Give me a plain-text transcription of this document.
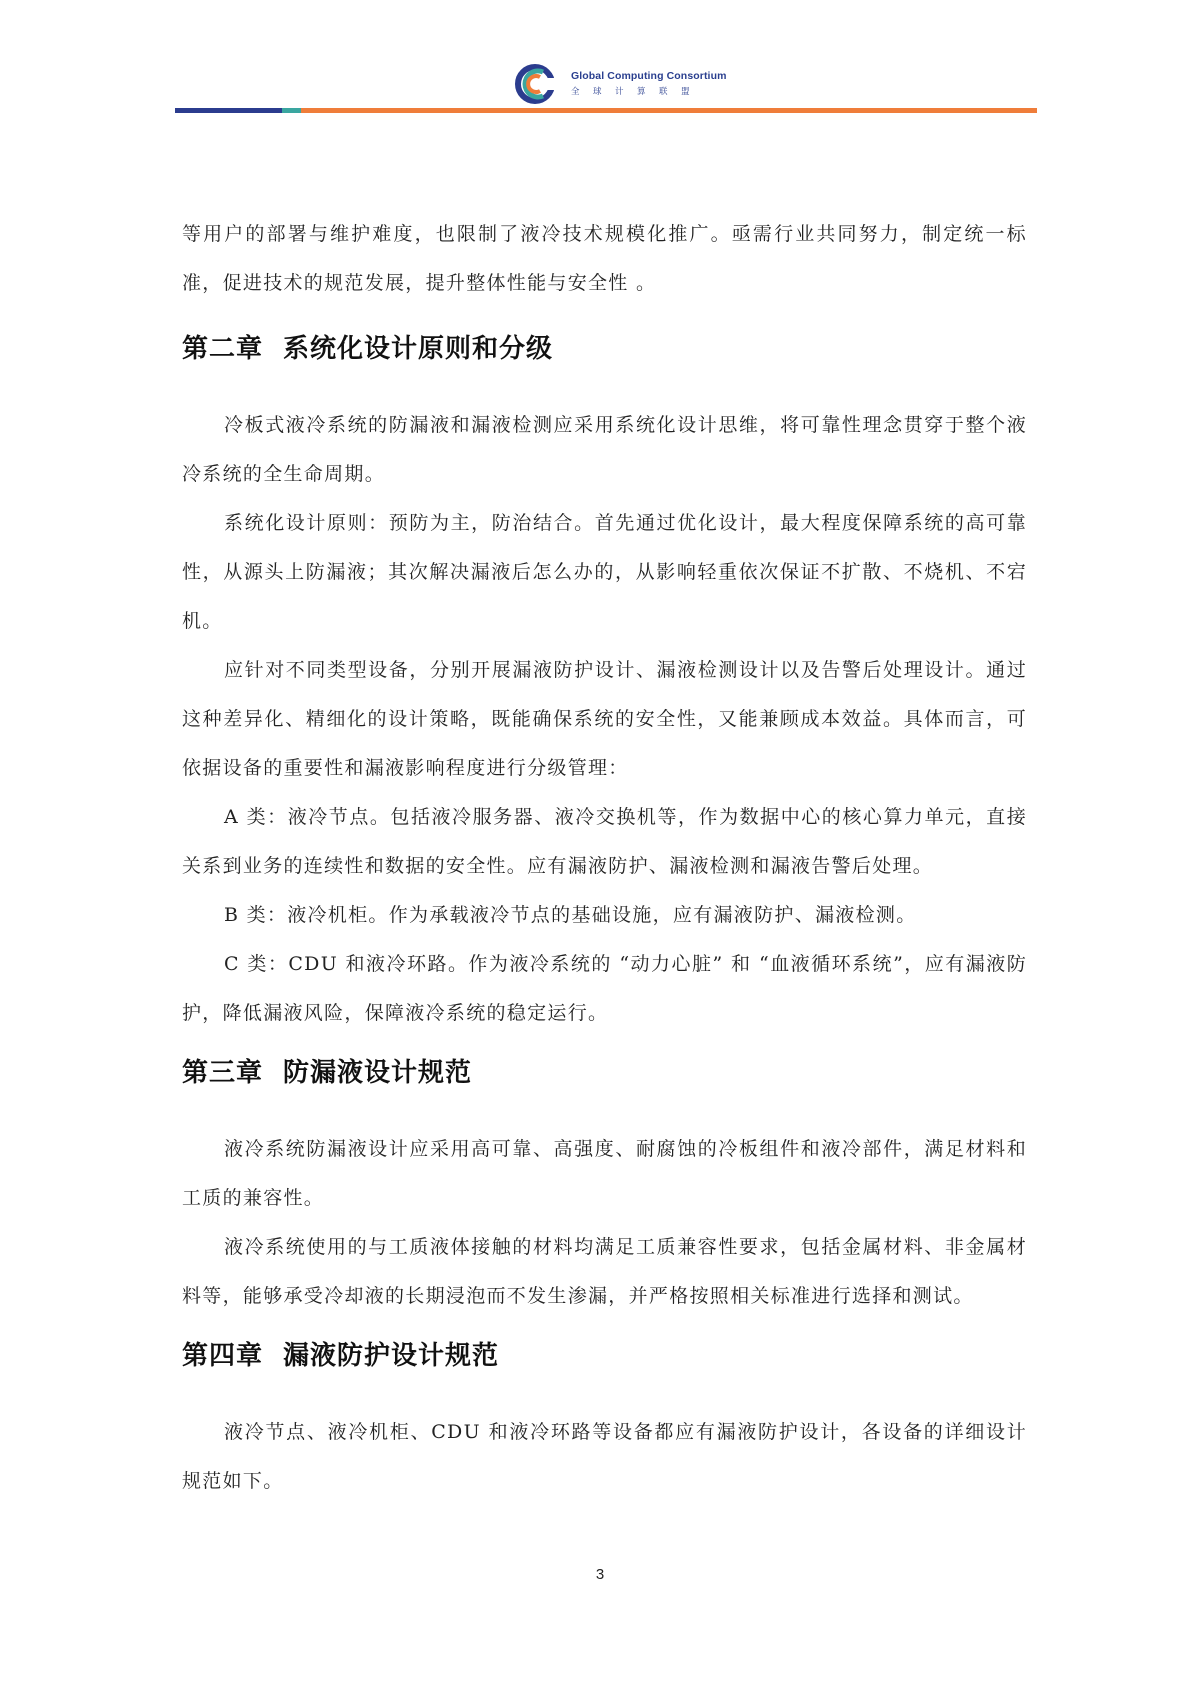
Global Computing Consortium
全球计算联盟

等用户的部署与维护难度，也限制了液冷技术规模化推广。亟需行业共同努力，制定统一标准，促进技术的规范发展，提升整体性能与安全性 。

第二章 系统化设计原则和分级

冷板式液冷系统的防漏液和漏液检测应采用系统化设计思维，将可靠性理念贯穿于整个液冷系统的全生命周期。

系统化设计原则：预防为主，防治结合。首先通过优化设计，最大程度保障系统的高可靠性，从源头上防漏液；其次解决漏液后怎么办的，从影响轻重依次保证不扩散、不烧机、不宕机。

应针对不同类型设备，分别开展漏液防护设计、漏液检测设计以及告警后处理设计。通过这种差异化、精细化的设计策略，既能确保系统的安全性，又能兼顾成本效益。具体而言，可依据设备的重要性和漏液影响程度进行分级管理：

A 类：液冷节点。包括液冷服务器、液冷交换机等，作为数据中心的核心算力单元，直接关系到业务的连续性和数据的安全性。应有漏液防护、漏液检测和漏液告警后处理。

B 类：液冷机柜。作为承载液冷节点的基础设施，应有漏液防护、漏液检测。

C 类：CDU 和液冷环路。作为液冷系统的 “动力心脏” 和 “血液循环系统”，应有漏液防护，降低漏液风险，保障液冷系统的稳定运行。

第三章 防漏液设计规范

液冷系统防漏液设计应采用高可靠、高强度、耐腐蚀的冷板组件和液冷部件，满足材料和工质的兼容性。

液冷系统使用的与工质液体接触的材料均满足工质兼容性要求，包括金属材料、非金属材料等，能够承受冷却液的长期浸泡而不发生渗漏，并严格按照相关标准进行选择和测试。

第四章 漏液防护设计规范

液冷节点、液冷机柜、CDU 和液冷环路等设备都应有漏液防护设计，各设备的详细设计规范如下。

3
